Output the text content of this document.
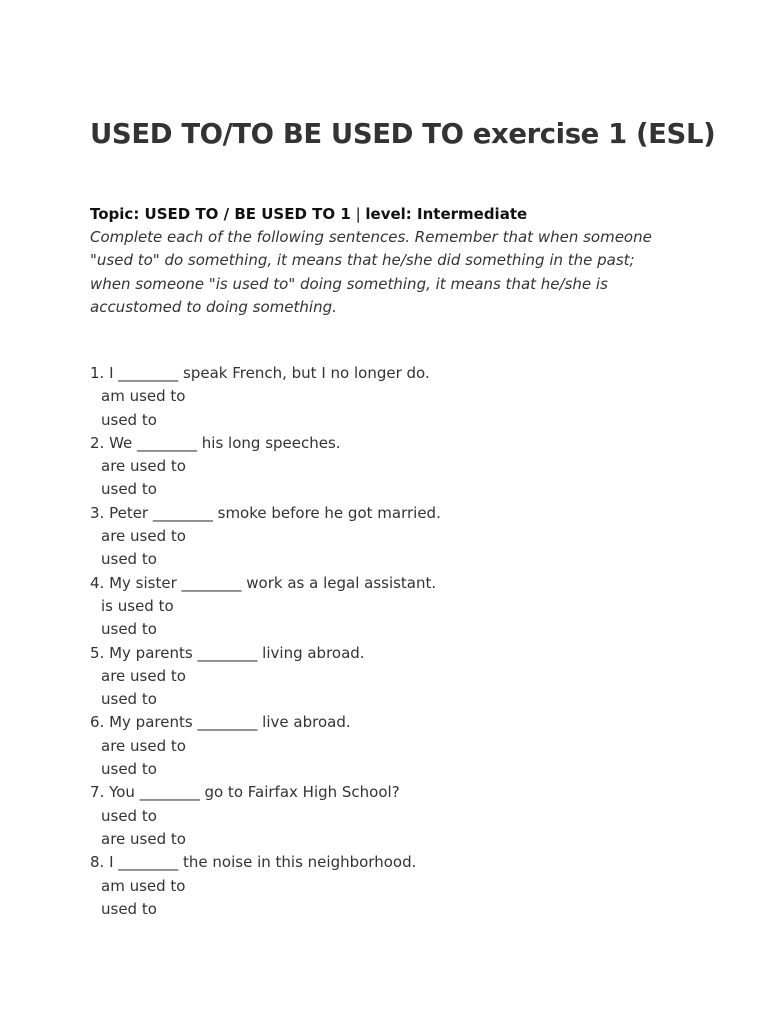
USED TO/TO BE USED TO exercise 1 (ESL)
Topic: USED TO / BE USED TO 1 | level: Intermediate
Complete each of the following sentences. Remember that when someone
"used to" do something, it means that he/she did something in the past;
when someone "is used to" doing something, it means that he/she is
accustomed to doing something.
1. I ________ speak French, but I no longer do.
am used to
used to
2. We ________ his long speeches.
are used to
used to
3. Peter ________ smoke before he got married.
are used to
used to
4. My sister ________ work as a legal assistant.
is used to
used to
5. My parents ________ living abroad.
are used to
used to
6. My parents ________ live abroad.
are used to
used to
7. You ________ go to Fairfax High School?
used to
are used to
8. I ________ the noise in this neighborhood.
am used to
used to
